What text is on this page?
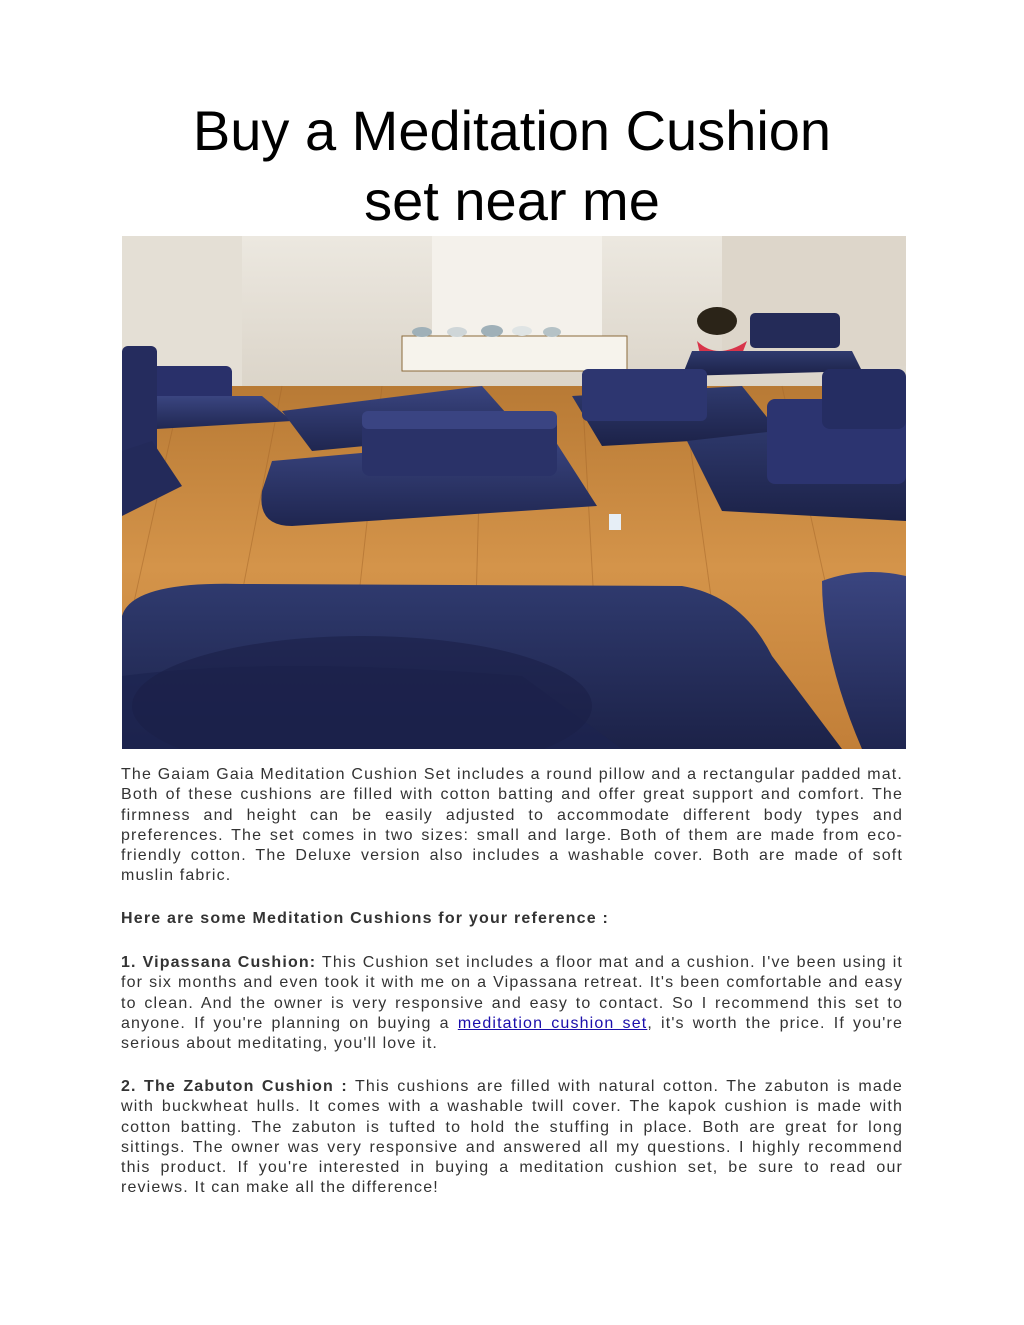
Buy a Meditation Cushion
set near me

The Gaiam Gaia Meditation Cushion Set includes a round pillow and a rectangular padded mat. Both of these cushions are filled with cotton batting and offer great support and comfort. The firmness and height can be easily adjusted to accommodate different body types and preferences. The set comes in two sizes: small and large. Both of them are made from eco-friendly cotton. The Deluxe version also includes a washable cover. Both are made of soft muslin fabric.

Here are some Meditation Cushions for your reference :

1. Vipassana Cushion: This Cushion set includes a floor mat and a cushion. I've been using it for six months and even took it with me on a Vipassana retreat. It's been comfortable and easy to clean. And the owner is very responsive and easy to contact. So I recommend this set to anyone. If you're planning on buying a meditation cushion set, it's worth the price. If you're serious about meditating, you'll love it.

2. The Zabuton Cushion : This cushions are filled with natural cotton. The zabuton is made with buckwheat hulls. It comes with a washable twill cover. The kapok cushion is made with cotton batting. The zabuton is tufted to hold the stuffing in place. Both are great for long sittings. The owner was very responsive and answered all my questions. I highly recommend this product. If you're interested in buying a meditation cushion set, be sure to read our reviews. It can make all the difference!
